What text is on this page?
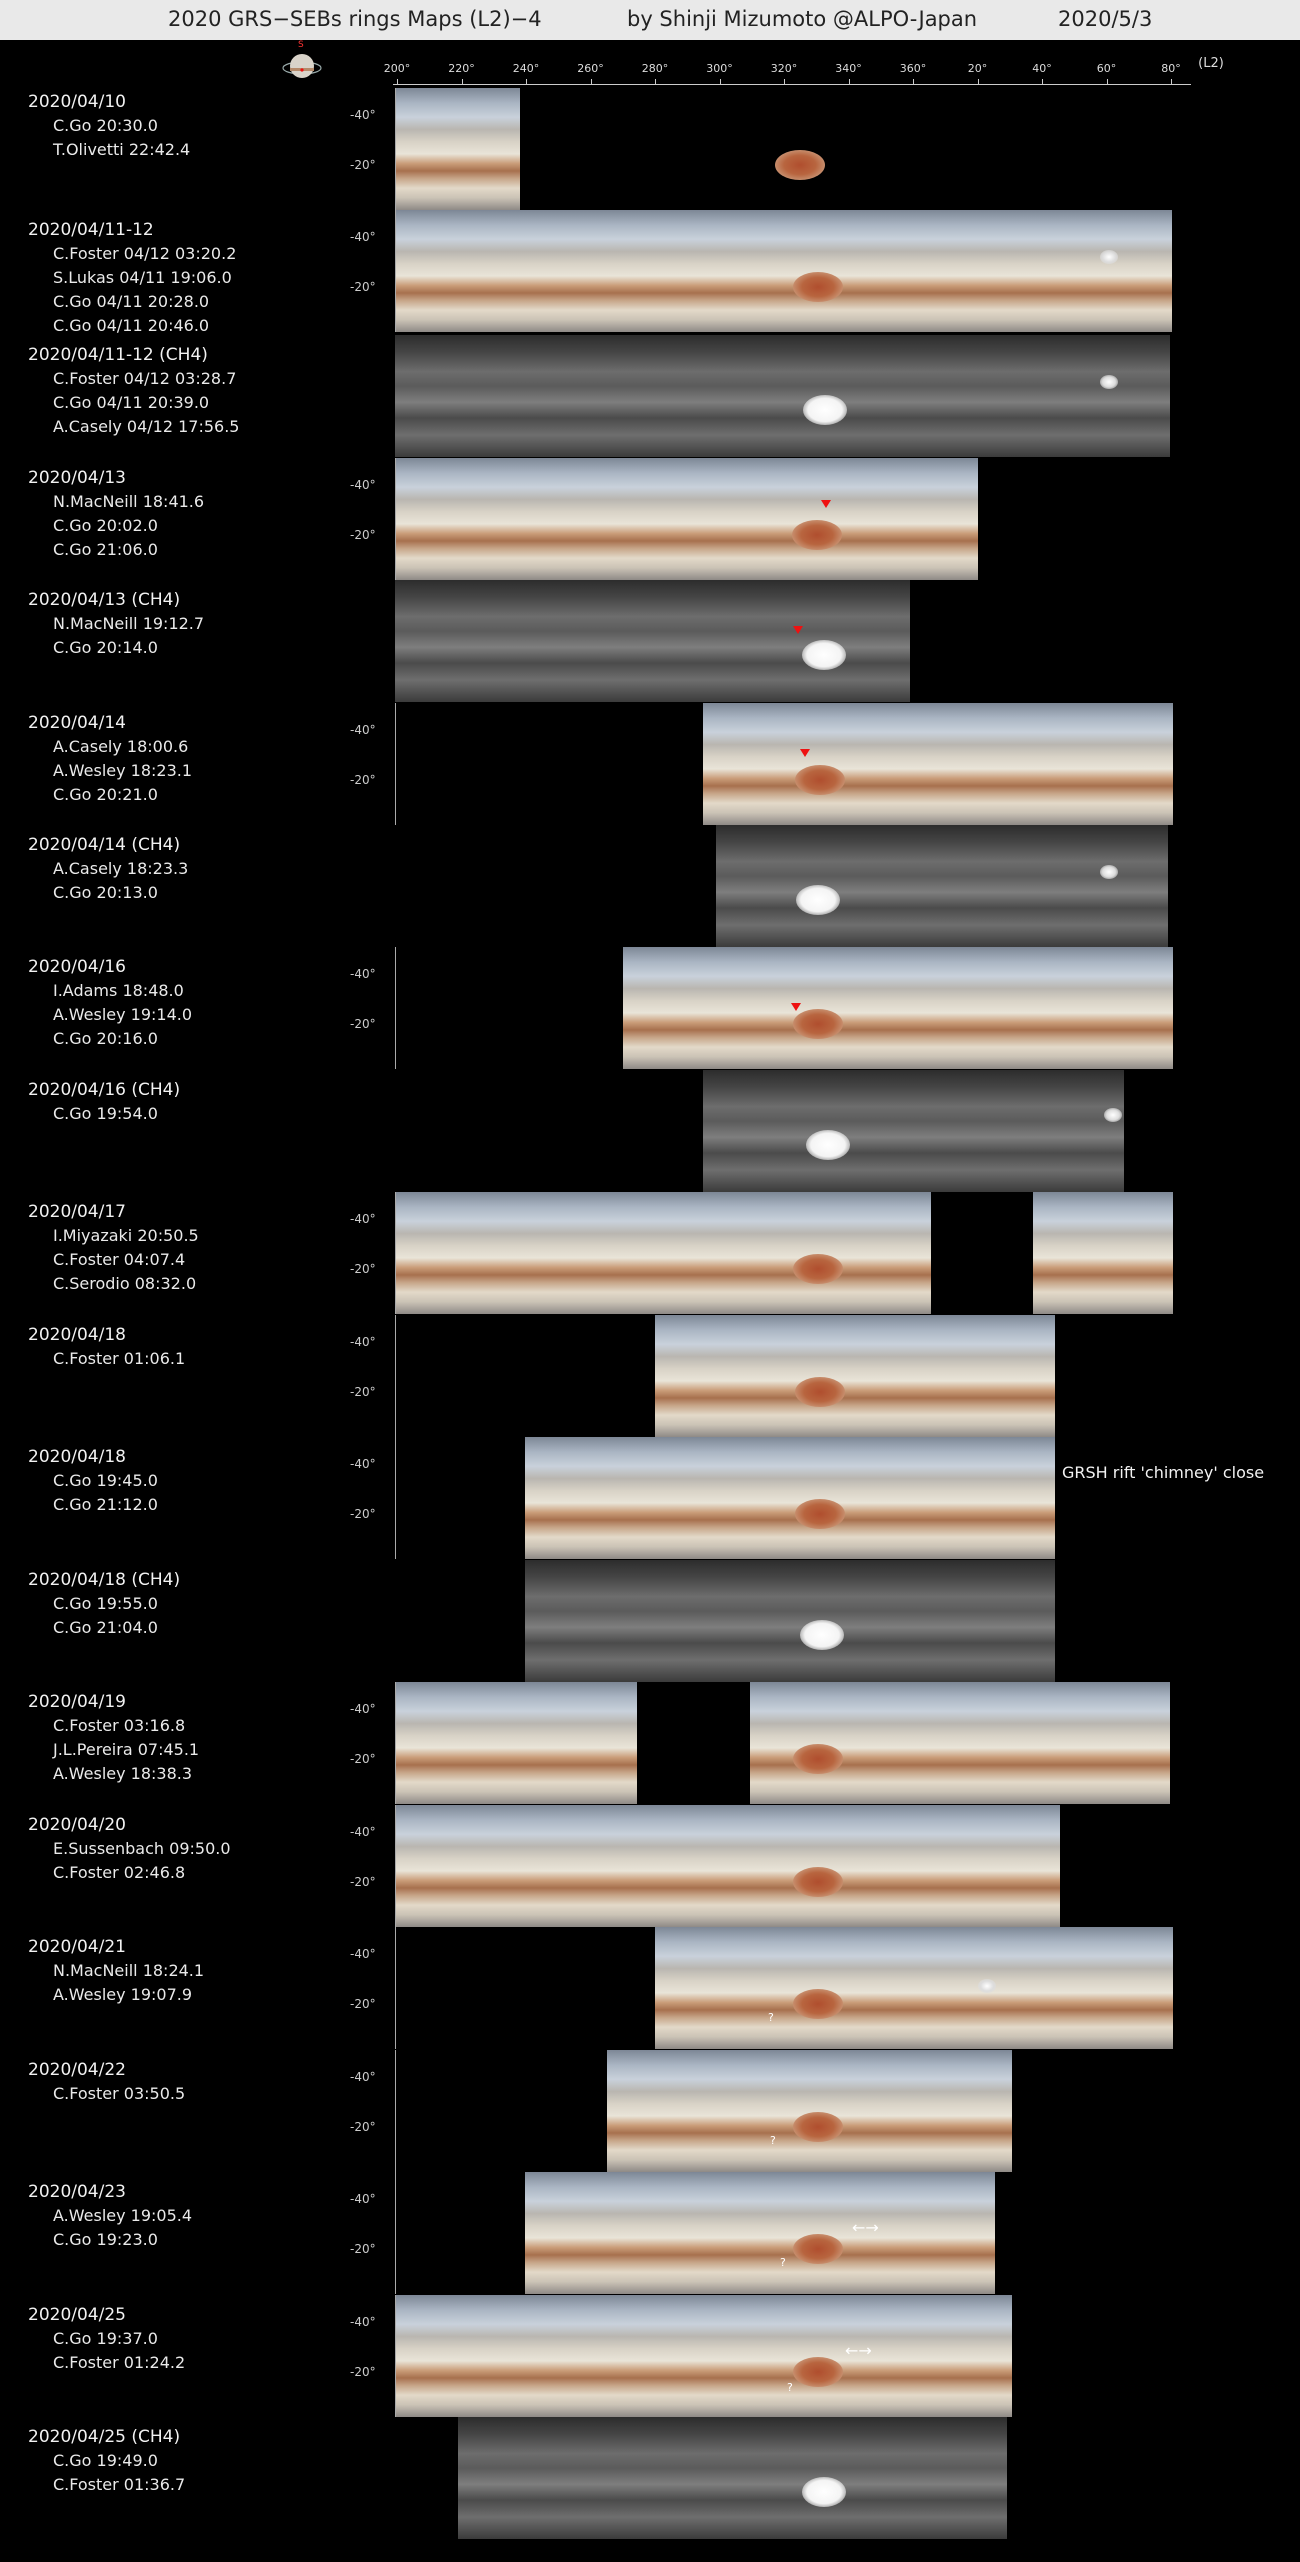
2020 GRS−SEBs rings Maps (L2)−4	by Shinji Mizumoto @ALPO-Japan	2020/5/3
S
200°	220°	240°	260°	280°	300°	320°	340°	360°	20°	40°	60°	80° (L2)
2020/04/10
C.Go 20:30.0
T.Olivetti 22:42.4
-40°
-20°
2020/04/11-12
C.Foster 04/12 03:20.2
S.Lukas 04/11 19:06.0
C.Go 04/11 20:28.0
C.Go 04/11 20:46.0
-40°
-20°
2020/04/11-12 (CH4)
C.Foster 04/12 03:28.7
C.Go 04/11 20:39.0
A.Casely 04/12 17:56.5
2020/04/13
N.MacNeill 18:41.6
C.Go 20:02.0
C.Go 21:06.0
-40°
-20°
2020/04/13 (CH4)
N.MacNeill 19:12.7
C.Go 20:14.0
2020/04/14
A.Casely 18:00.6
A.Wesley 18:23.1
C.Go 20:21.0
-40°
-20°
2020/04/14 (CH4)
A.Casely 18:23.3
C.Go 20:13.0
2020/04/16
I.Adams 18:48.0
A.Wesley 19:14.0
C.Go 20:16.0
-40°
-20°
2020/04/16 (CH4)
C.Go 19:54.0
2020/04/17
I.Miyazaki 20:50.5
C.Foster 04:07.4
C.Serodio 08:32.0
-40°
-20°
2020/04/18
C.Foster 01:06.1
-40°
-20°
2020/04/18
C.Go 19:45.0
C.Go 21:12.0
-40°
-20°
GRSH rift 'chimney' close
2020/04/18 (CH4)
C.Go 19:55.0
C.Go 21:04.0
2020/04/19
C.Foster 03:16.8
J.L.Pereira 07:45.1
A.Wesley 18:38.3
-40°
-20°
2020/04/20
E.Sussenbach 09:50.0
C.Foster 02:46.8
-40°
-20°
2020/04/21
N.MacNeill 18:24.1
A.Wesley 19:07.9
-40°
-20°
?
2020/04/22
C.Foster 03:50.5
-40°
-20°
?
2020/04/23
A.Wesley 19:05.4
C.Go 19:23.0
-40°
-20°
?
←→
2020/04/25
C.Go 19:37.0
C.Foster 01:24.2
-40°
-20°
?
←→
2020/04/25 (CH4)
C.Go 19:49.0
C.Foster 01:36.7
